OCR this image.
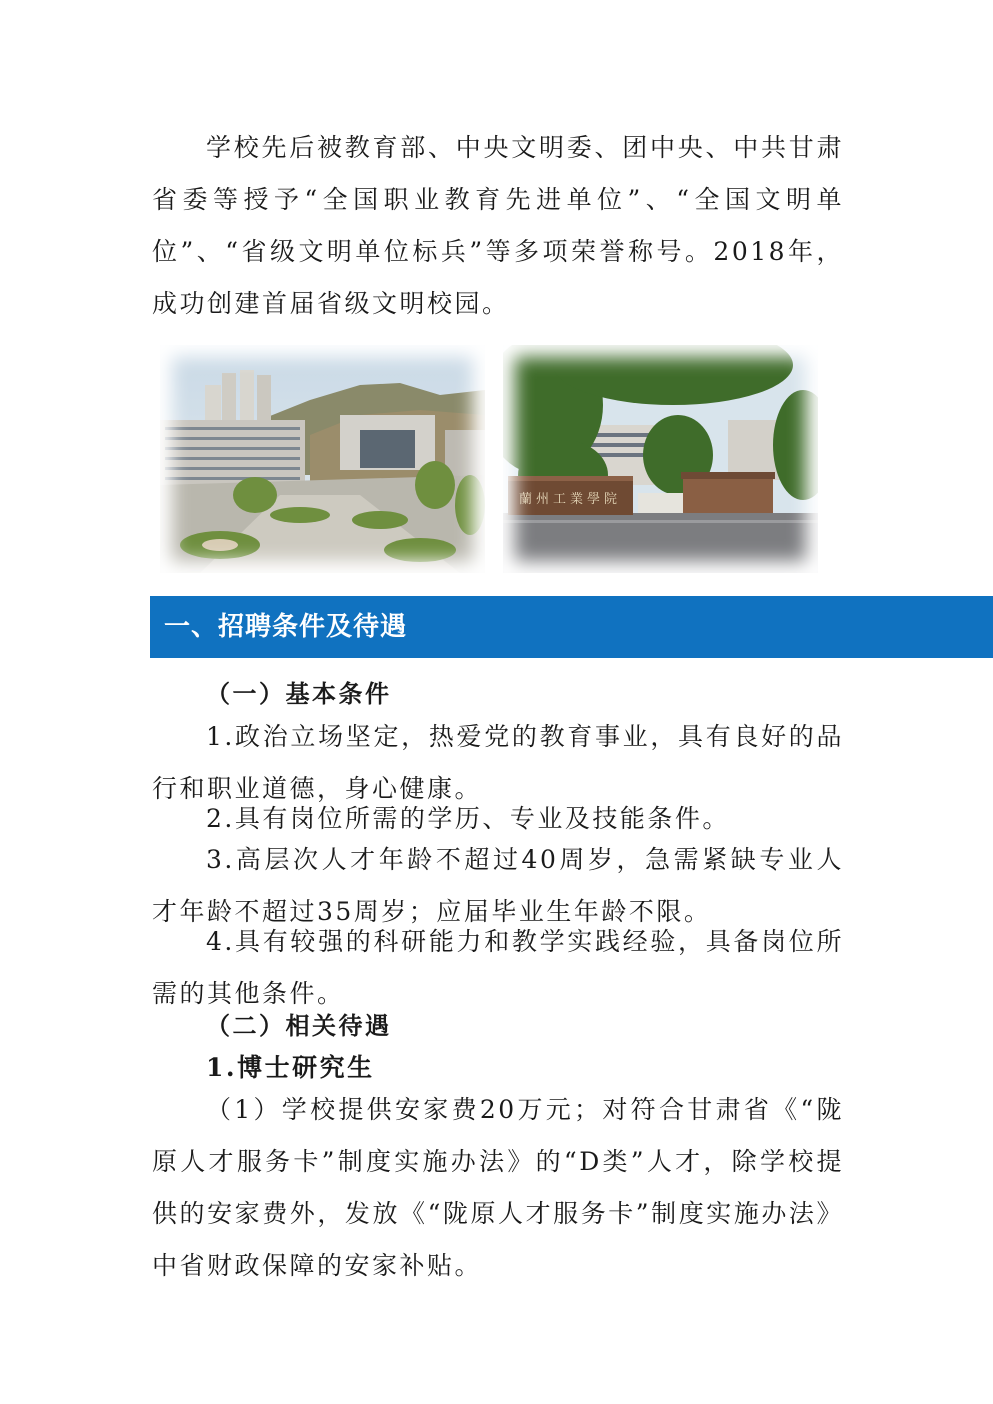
学校先后被教育部、中央文明委、团中央、中共甘肃省委等授予“全国职业教育先进单位”、“全国文明单位”、“省级文明单位标兵”等多项荣誉称号。2018年，成功创建首届省级文明校园。

蘭州工業學院
一、招聘条件及待遇

（一）基本条件

1.政治立场坚定，热爱党的教育事业，具有良好的品行和职业道德，身心健康。

2.具有岗位所需的学历、专业及技能条件。

3.高层次人才年龄不超过40周岁，急需紧缺专业人才年龄不超过35周岁；应届毕业生年龄不限。

4.具有较强的科研能力和教学实践经验，具备岗位所需的其他条件。

（二）相关待遇

1.博士研究生

（1）学校提供安家费20万元；对符合甘肃省《“陇原人才服务卡”制度实施办法》的“D类”人才，除学校提供的安家费外，发放《“陇原人才服务卡”制度实施办法》中省财政保障的安家补贴。
